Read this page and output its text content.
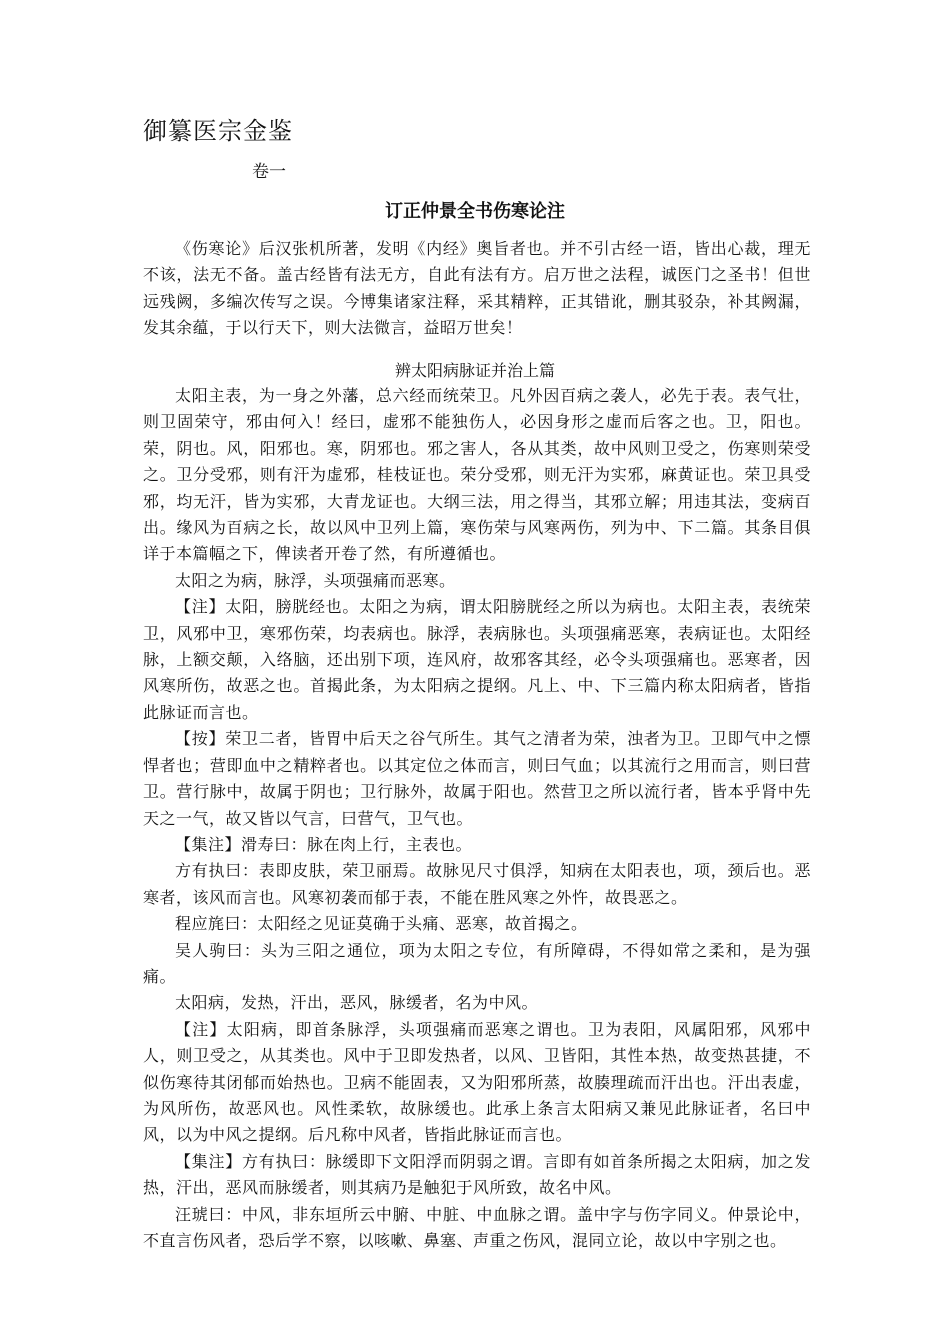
御纂医宗金鉴
卷一
订正仲景全书伤寒论注

《伤寒论》后汉张机所著，发明《内经》奥旨者也。并不引古经一语，皆出心裁，理无不该，法无不备。盖古经皆有法无方，自此有法有方。启万世之法程，诚医门之圣书！但世远残阙，多编次传写之误。今博集诸家注释，采其精粹，正其错讹，删其驳杂，补其阙漏，发其余蕴，于以行天下，则大法微言，益昭万世矣！

辨太阳病脉证并治上篇

太阳主表，为一身之外藩，总六经而统荣卫。凡外因百病之袭人，必先于表。表气壮，则卫固荣守，邪由何入！经曰，虚邪不能独伤人，必因身形之虚而后客之也。卫，阳也。荣，阴也。风，阳邪也。寒，阴邪也。邪之害人，各从其类，故中风则卫受之，伤寒则荣受之。卫分受邪，则有汗为虚邪，桂枝证也。荣分受邪，则无汗为实邪，麻黄证也。荣卫具受邪，均无汗，皆为实邪，大青龙证也。大纲三法，用之得当，其邪立解；用违其法，变病百出。缘风为百病之长，故以风中卫列上篇，寒伤荣与风寒两伤，列为中、下二篇。其条目俱详于本篇幅之下，俾读者开卷了然，有所遵循也。

太阳之为病，脉浮，头项强痛而恶寒。

【注】太阳，膀胱经也。太阳之为病，谓太阳膀胱经之所以为病也。太阳主表，表统荣卫，风邪中卫，寒邪伤荣，均表病也。脉浮，表病脉也。头项强痛恶寒，表病证也。太阳经脉，上额交颠，入络脑，还出别下项，连风府，故邪客其经，必令头项强痛也。恶寒者，因风寒所伤，故恶之也。首揭此条，为太阳病之提纲。凡上、中、下三篇内称太阳病者，皆指此脉证而言也。

【按】荣卫二者，皆胃中后天之谷气所生。其气之清者为荣，浊者为卫。卫即气中之慓悍者也；营即血中之精粹者也。以其定位之体而言，则曰气血；以其流行之用而言，则曰营卫。营行脉中，故属于阴也；卫行脉外，故属于阳也。然营卫之所以流行者，皆本乎肾中先天之一气，故又皆以气言，曰营气，卫气也。

【集注】滑寿曰：脉在肉上行，主表也。

方有执曰：表即皮肤，荣卫丽焉。故脉见尺寸俱浮，知病在太阳表也，项，颈后也。恶寒者，该风而言也。风寒初袭而郁于表，不能在胜风寒之外忤，故畏恶之。

程应旄曰：太阳经之见证莫确于头痛、恶寒，故首揭之。

吴人驹曰：头为三阳之通位，项为太阳之专位，有所障碍，不得如常之柔和，是为强痛。

太阳病，发热，汗出，恶风，脉缓者，名为中风。

【注】太阳病，即首条脉浮，头项强痛而恶寒之谓也。卫为表阳，风属阳邪，风邪中人，则卫受之，从其类也。风中于卫即发热者，以风、卫皆阳，其性本热，故变热甚捷，不似伤寒待其闭郁而始热也。卫病不能固表，又为阳邪所蒸，故腠理疏而汗出也。汗出表虚，为风所伤，故恶风也。风性柔软，故脉缓也。此承上条言太阳病又兼见此脉证者，名曰中风，以为中风之提纲。后凡称中风者，皆指此脉证而言也。

【集注】方有执曰：脉缓即下文阳浮而阴弱之谓。言即有如首条所揭之太阳病，加之发热，汗出，恶风而脉缓者，则其病乃是触犯于风所致，故名中风。

汪琥曰：中风，非东垣所云中腑、中脏、中血脉之谓。盖中字与伤字同义。仲景论中，不直言伤风者，恐后学不察，以咳嗽、鼻塞、声重之伤风，混同立论，故以中字别之也。
